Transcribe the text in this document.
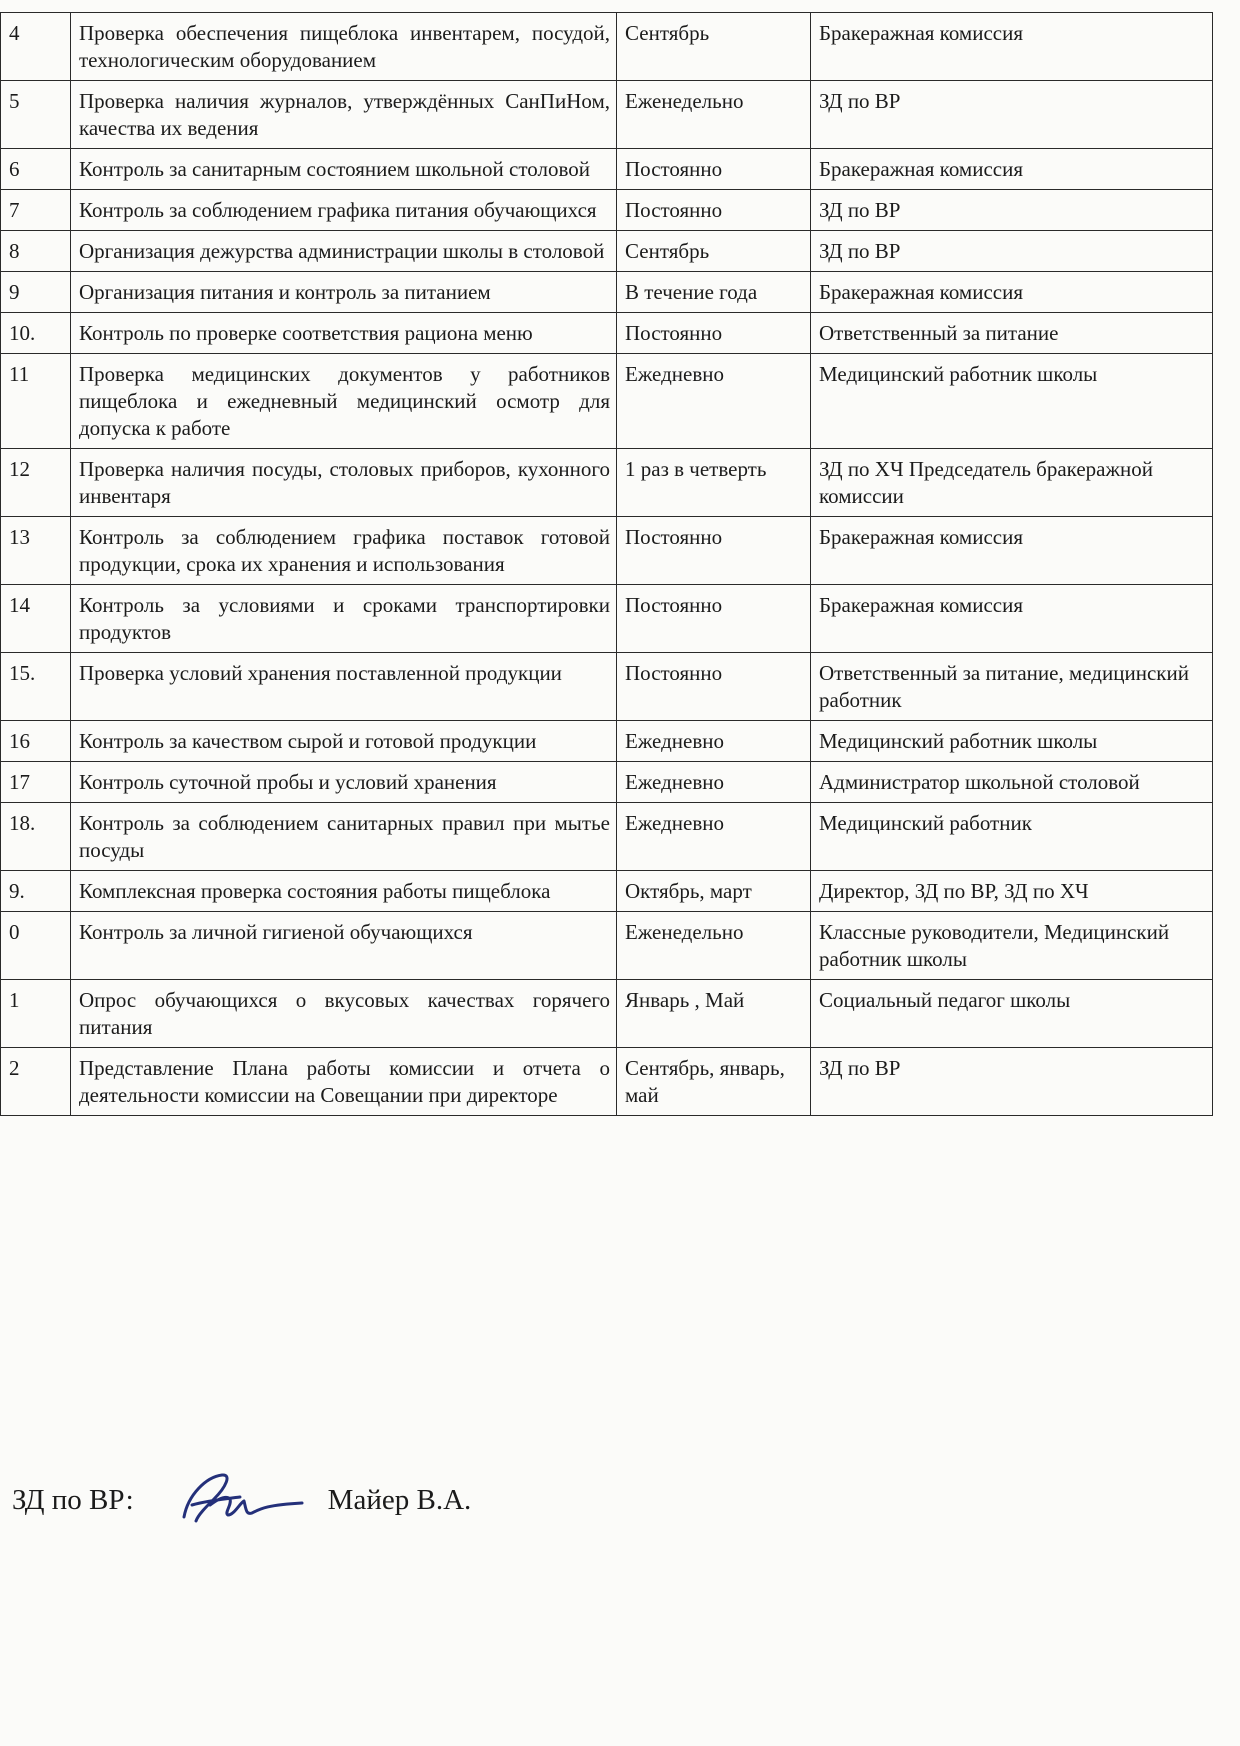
4	Проверка обеспечения пищеблока инвентарем, посудой, технологическим оборудованием	Сентябрь	Бракеражная комиссия
5	Проверка наличия журналов, утверждённых СанПиНом, качества их ведения	Еженедельно	ЗД по ВР
6	Контроль за санитарным состоянием школьной столовой	Постоянно	Бракеражная комиссия
7	Контроль за соблюдением графика питания обучающихся	Постоянно	ЗД по ВР
8	Организация дежурства администрации школы в столовой	Сентябрь	ЗД по ВР
9	Организация питания и контроль за питанием	В течение года	Бракеражная комиссия
10.	Контроль по проверке соответствия рациона меню	Постоянно	Ответственный за питание
11	Проверка медицинских документов у работников пищеблока и ежедневный медицинский осмотр для допуска к работе	Ежедневно	Медицинский работник школы
12	Проверка наличия посуды, столовых приборов, кухонного инвентаря	1 раз в четверть	ЗД по ХЧ Председатель бракеражной комиссии
13	Контроль за соблюдением графика поставок готовой продукции, срока их хранения и использования	Постоянно	Бракеражная комиссия
14	Контроль за условиями и сроками транспортировки продуктов	Постоянно	Бракеражная комиссия
15.	Проверка условий хранения поставленной продукции	Постоянно	Ответственный за питание, медицинский работник
16	Контроль за качеством сырой и готовой продукции	Ежедневно	Медицинский работник школы
17	Контроль суточной пробы и условий хранения	Ежедневно	Администратор школьной столовой
18.	Контроль за соблюдением санитарных правил при мытье посуды	Ежедневно	Медицинский работник
9.	Комплексная проверка состояния работы пищеблока	Октябрь, март	Директор, ЗД по ВР, ЗД по ХЧ
0	Контроль за личной гигиеной обучающихся	Еженедельно	Классные руководители, Медицинский работник школы
1	Опрос обучающихся о вкусовых качествах горячего питания	Январь , Май	Социальный педагог школы
2	Представление Плана работы комиссии и отчета о деятельности комиссии на Совещании при директоре	Сентябрь, январь, май	ЗД по ВР
ЗД по ВР:	Майер В.А.
